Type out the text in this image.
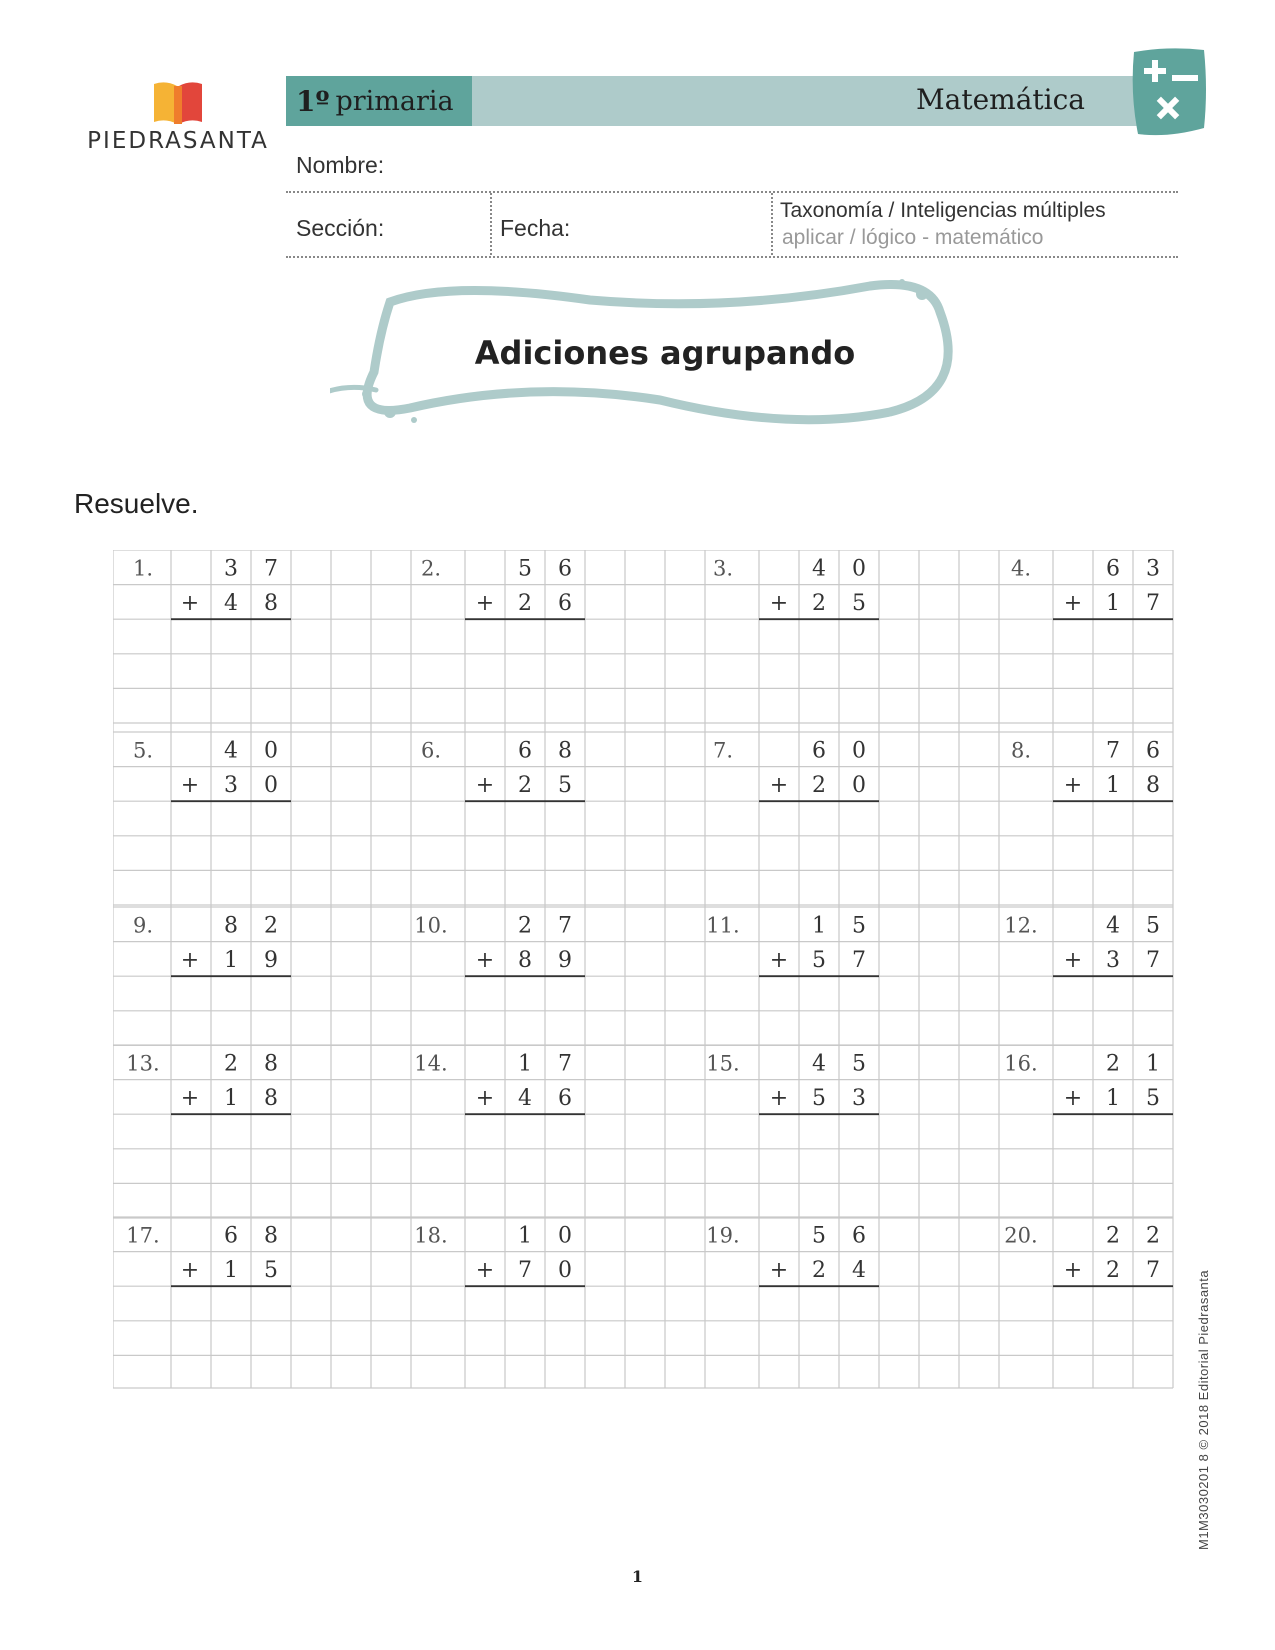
PIEDRASANTA
1º primaria	Matemática
Nombre:
Sección:	Fecha:
Taxonomía / Inteligencias múltiples
aplicar / lógico - matemático
Adiciones agrupando
Resuelve.
1.	3 7
+ 4 8
2.	5 6
+ 2 6
3.	4 0
+ 2 5
4.	6 3
+ 1 7
5.	4 0
+ 3 0
6.	6 8
+ 2 5
7.	6 0
+ 2 0
8.	7 6
+ 1 8
9.	8 2
+ 1 9
10.	2 7
+ 8 9
11.	1 5
+ 5 7
12.	4 5
+ 3 7
13.	2 8
+ 1 8
14.	1 7
+ 4 6
15.	4 5
+ 5 3
16.	2 1
+ 1 5
17.	6 8
+ 1 5
18.	1 0
+ 7 0
19.	5 6
+ 2 4
20.	2 2
+ 2 7	M1M3030201 8 © 2018 Editorial Piedrasanta
1
